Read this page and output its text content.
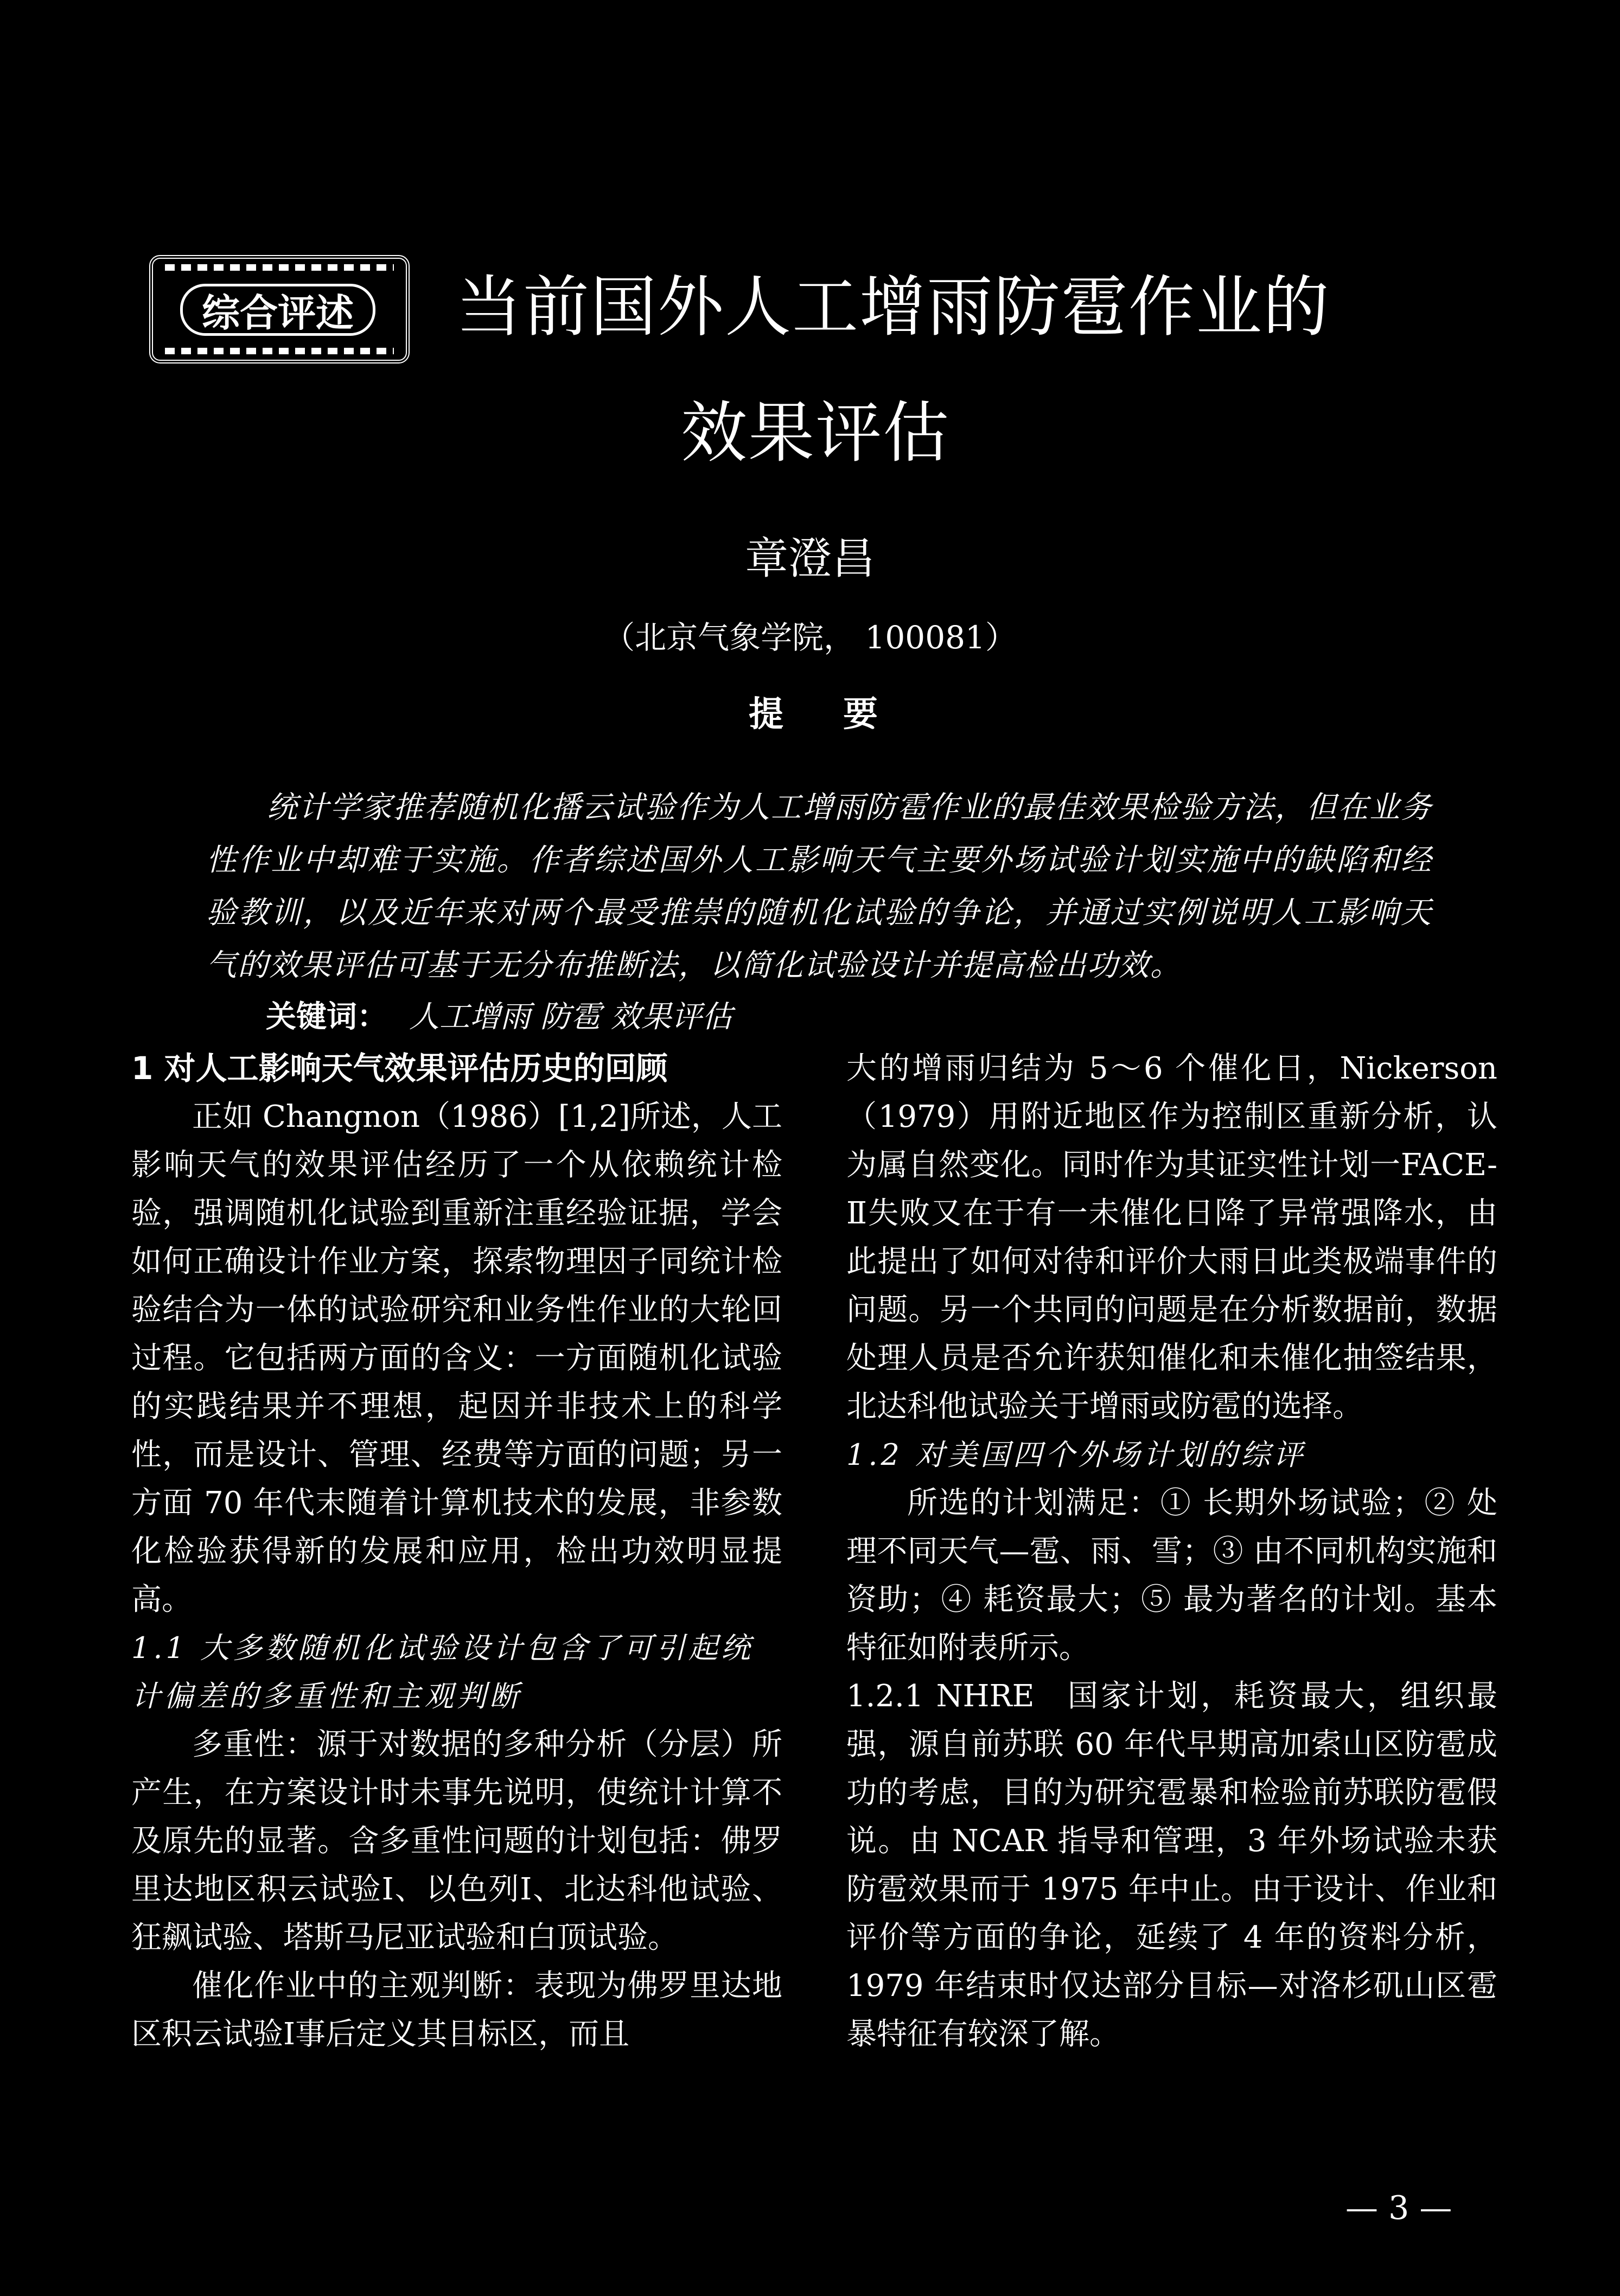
综合评述	当前国外人工增雨防雹作业的
效果评估
章澄昌
（北京气象学院， 100081）
提要
统计学家推荐随机化播云试验作为人工增雨防雹作业的最佳效果检验方法，但在业务性作业中却难于实施。作者综述国外人工影响天气主要外场试验计划实施中的缺陷和经验教训，以及近年来对两个最受推崇的随机化试验的争论，并通过实例说明人工影响天气的效果评估可基于无分布推断法，以简化试验设计并提高检出功效。
关键词： 人工增雨 防雹 效果评估
1 对人工影响天气效果评估历史的回顾

正如 Changnon（1986）[1,2]所述，人工影响天气的效果评估经历了一个从依赖统计检验，强调随机化试验到重新注重经验证据，学会如何正确设计作业方案，探索物理因子同统计检验结合为一体的试验研究和业务性作业的大轮回过程。它包括两方面的含义：一方面随机化试验的实践结果并不理想，起因并非技术上的科学性，而是设计、管理、经费等方面的问题；另一方面 70 年代末随着计算机技术的发展，非参数化检验获得新的发展和应用，检出功效明显提高。

1.1 大多数随机化试验设计包含了可引起统计偏差的多重性和主观判断

多重性：源于对数据的多种分析（分层）所产生，在方案设计时未事先说明，使统计计算不及原先的显著。含多重性问题的计划包括：佛罗里达地区积云试验Ⅰ、以色列Ⅰ、北达科他试验、狂飙试验、塔斯马尼亚试验和白顶试验。

催化作业中的主观判断：表现为佛罗里达地区积云试验Ⅰ事后定义其目标区，而且

大的增雨归结为 5～6 个催化日，Nickerson（1979）用附近地区作为控制区重新分析，认为属自然变化。同时作为其证实性计划一FACE-Ⅱ失败又在于有一未催化日降了异常强降水，由此提出了如何对待和评价大雨日此类极端事件的问题。另一个共同的问题是在分析数据前，数据处理人员是否允许获知催化和未催化抽签结果，北达科他试验关于增雨或防雹的选择。

1.2 对美国四个外场计划的综评

所选的计划满足：① 长期外场试验；② 处理不同天气—雹、雨、雪；③ 由不同机构实施和资助；④ 耗资最大；⑤ 最为著名的计划。基本特征如附表所示。

1.2.1 NHRE 国家计划，耗资最大，组织最强，源自前苏联 60 年代早期高加索山区防雹成功的考虑，目的为研究雹暴和检验前苏联防雹假说。由 NCAR 指导和管理，3 年外场试验未获防雹效果而于 1975 年中止。由于设计、作业和评价等方面的争论，延续了 4 年的资料分析，1979 年结束时仅达部分目标—对洛杉矶山区雹暴特征有较深了解。

— 3 —
